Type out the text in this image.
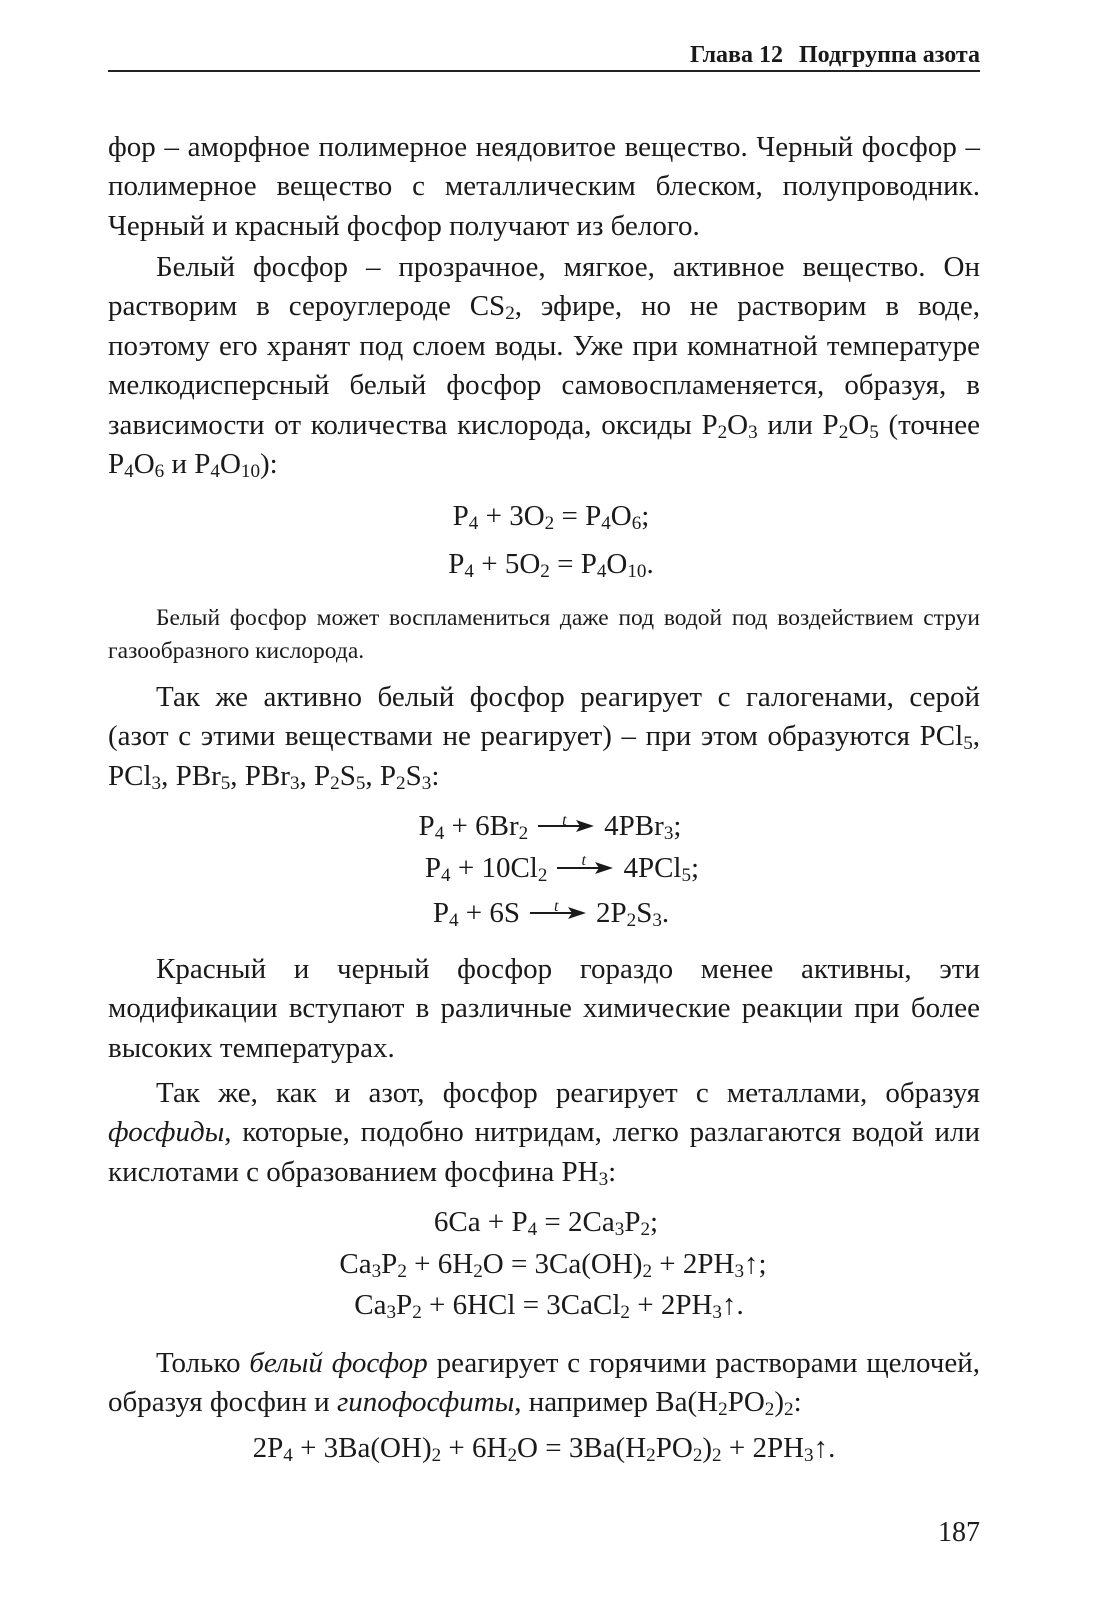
Глава 12 Подгруппа азота

фор – аморфное полимерное неядовитое вещество. Черный фосфор – полимерное вещество с металлическим блеском, полупроводник. Черный и красный фосфор получают из белого.

Белый фосфор – прозрачное, мягкое, активное вещество. Он растворим в сероуглероде $CS_2$, эфире, но не растворим в воде, поэтому его хранят под слоем воды. Уже при комнатной температуре мелкодисперсный белый фосфор самовоспламеняется, образуя, в зависимости от количества кислорода, оксиды $P_2O_3$ или $P_2O_5$ (точнее $P_4O_6$ и $P_4O_{10}$):

$P_4 + 3O_2 = P_4O_6$;
$P_4 + 5O_2 = P_4O_{10}$.

Белый фосфор может воспламениться даже под водой под воздействием струи газообразного кислорода.

Так же активно белый фосфор реагирует с галогенами, серой (азот с этими веществами не реагирует) – при этом образуются PCl$_5$, PCl$_3$, PBr$_5$, PBr$_3$, $P_2S_5$, $P_2S_3$:

$P_4 + 6Br_2$
t 4PBr$_3$;
$P_4 + 10Cl_2$
t 4PCl$_5$;
$P_4 + 6S$ t $2P_2S_3$.

Красный и черный фосфор гораздо менее активны, эти модификации вступают в различные химические реакции при более высоких температурах.

Так же, как и азот, фосфор реагирует с металлами, образуя фосфиды, которые, подобно нитридам, легко разлагаются водой или кислотами с образованием фосфина $PH_3$:

$6Ca + P_4 = 2Ca_3P_2$;
$Ca_3P_2 + 6H_2O = 3Ca(OH)_2$ + $2PH_3↑$;
$Ca_3P_2 + 6HCl$ = 3CaCl$_2$ + $2PH_3↑$.

Только белый фосфор реагирует с горячими растворами щелочей, образуя фосфин и гипофосфиты, например $Ba(H_2PO_2)_2$:

$2P_4 + 3Ba(OH)_2 + 6H_2O = 3Ba(H_2PO_2)_2$ + $2PH_3↑$.
187
